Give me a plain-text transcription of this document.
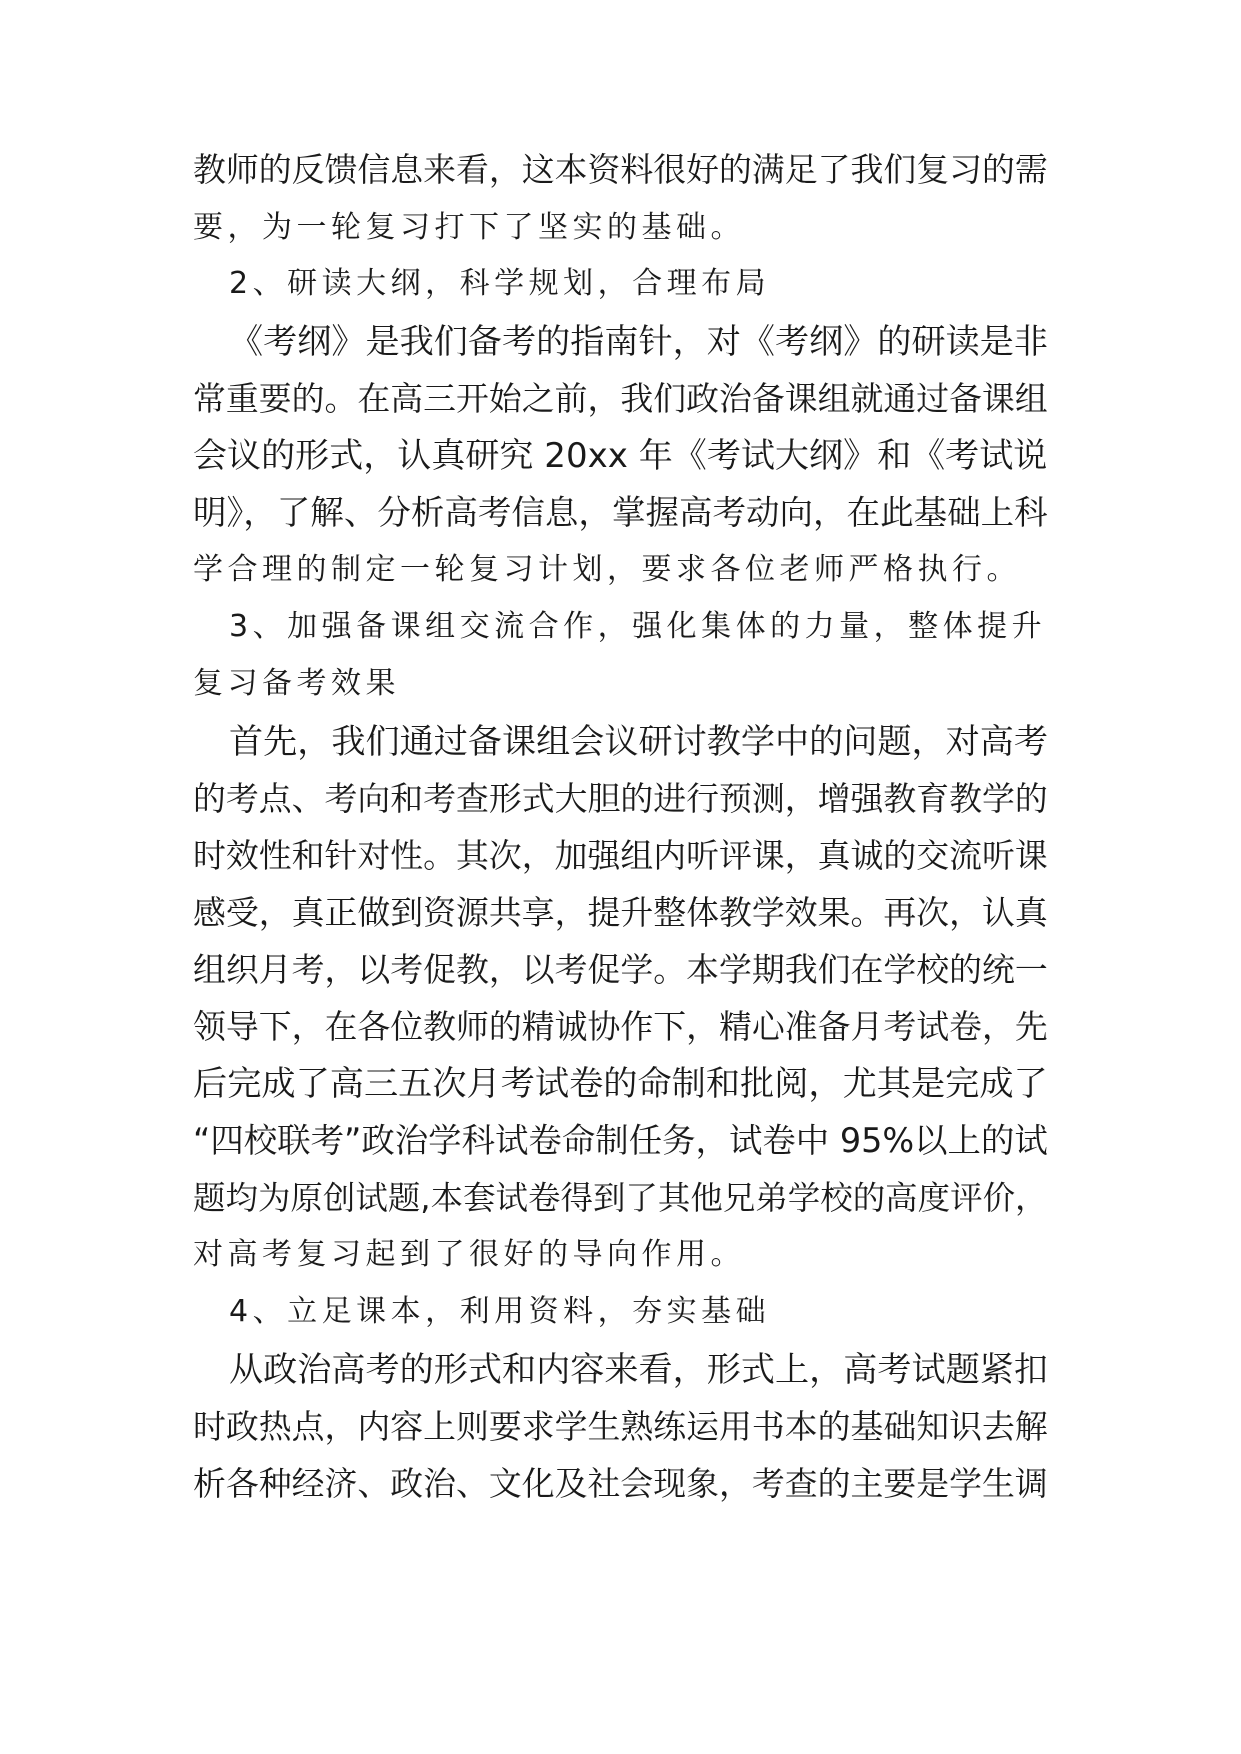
教师的反馈信息来看，这本资料很好的满足了我们复习的需
要，为一轮复习打下了坚实的基础。
2、研读大纲，科学规划，合理布局
《考纲》是我们备考的指南针，对《考纲》的研读是非
常重要的。在高三开始之前，我们政治备课组就通过备课组
会议的形式，认真研究 20xx 年《考试大纲》和《考试说
明》，了解、分析高考信息，掌握高考动向，在此基础上科
学合理的制定一轮复习计划，要求各位老师严格执行。
3、加强备课组交流合作，强化集体的力量，整体提升
复习备考效果
首先，我们通过备课组会议研讨教学中的问题，对高考
的考点、考向和考查形式大胆的进行预测，增强教育教学的
时效性和针对性。其次，加强组内听评课，真诚的交流听课
感受，真正做到资源共享，提升整体教学效果。再次，认真
组织月考，以考促教，以考促学。本学期我们在学校的统一
领导下，在各位教师的精诚协作下，精心准备月考试卷，先
后完成了高三五次月考试卷的命制和批阅，尤其是完成了
“四校联考”政治学科试卷命制任务，试卷中 95%以上的试
题均为原创试题,本套试卷得到了其他兄弟学校的高度评价，
对高考复习起到了很好的导向作用。
4、立足课本，利用资料，夯实基础
从政治高考的形式和内容来看，形式上，高考试题紧扣
时政热点，内容上则要求学生熟练运用书本的基础知识去解
析各种经济、政治、文化及社会现象，考查的主要是学生调
